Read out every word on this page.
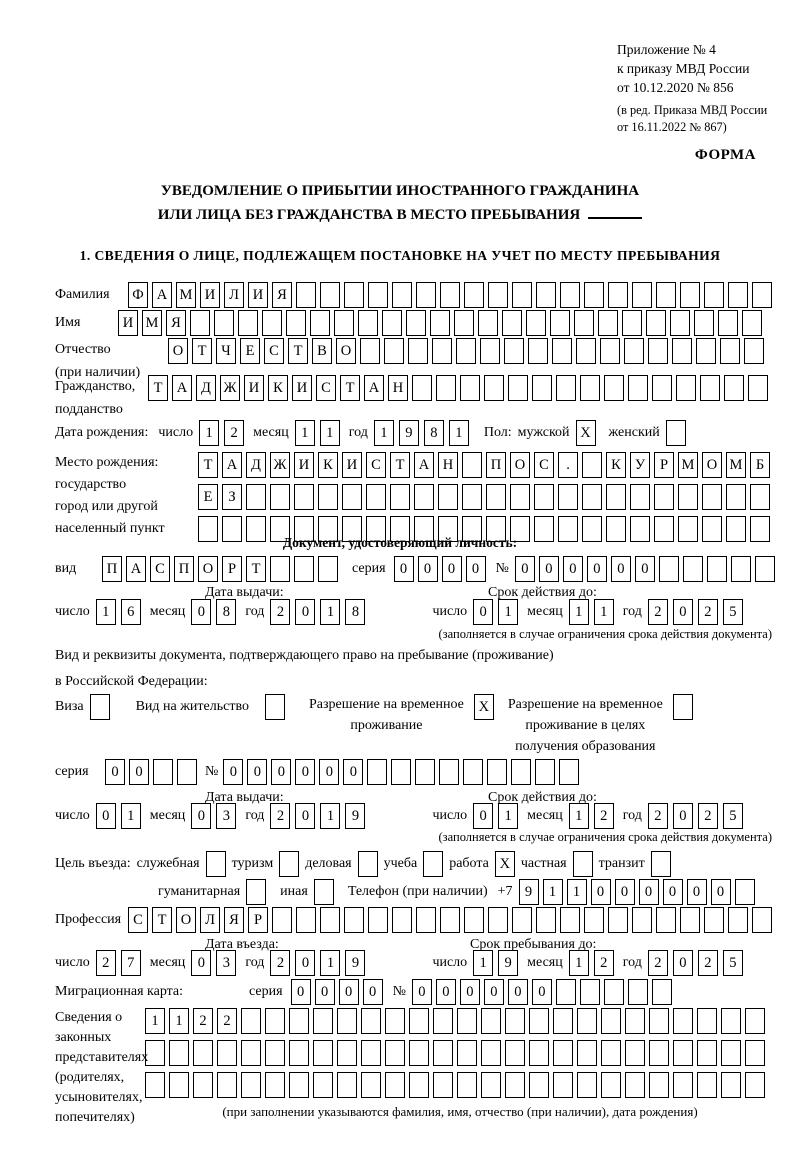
Приложение № 4
к приказу МВД России
от 10.12.2020 № 856
(в ред. Приказа МВД России
от 16.11.2022 № 867)
ФОРМА
УВЕДОМЛЕНИЕ О ПРИБЫТИИ ИНОСТРАННОГО ГРАЖДАНИНА
ИЛИ ЛИЦА БЕЗ ГРАЖДАНСТВА В МЕСТО ПРЕБЫВАНИЯ
1. СВЕДЕНИЯ О ЛИЦЕ, ПОДЛЕЖАЩЕМ ПОСТАНОВКЕ НА УЧЕТ ПО МЕСТУ ПРЕБЫВАНИЯ
Фамилия	Ф А М И Л И Я
Имя	И М Я
Отчество
(при наличии)
О Т	Ч	Е	С	Т	В О
Гражданство,
подданство
Т А Д Ж И К И С	Т А Н
Дата рождения: число 1	2	месяц 1	1	год 1	9	8	1	Пол: мужской X	женский
Место рождения:
государство
город или другой
населенный пункт
Т А Д Ж И К И С	Т А Н	П О С	.	К У	Р М О М Б
Е	З
Документ, удостоверяющий личность:
вид	П А С П О	Р	Т	серия 0	0	0	0	№ 0	0	0	0	0	0
Дата выдачи:	Срок действия до:
число 1	6	месяц 0	8	год 2	0	1	8	число 0	1	месяц 1	1	год 2	0	2	5
(заполняется в случае ограничения срока действия документа)
Вид и реквизиты документа, подтверждающего право на пребывание (проживание)
в Российской Федерации:
Виза	Вид на жительство	Разрешение на временное
проживание
X	Разрешение на временное
проживание в целях
получения образования
серия	0	0	№ 0	0	0	0	0	0
Дата выдачи:	Срок действия до:
число 0	1	месяц 0	3	год 2	0	1	9	число 0	1	месяц 1	2	год 2	0	2	5
(заполняется в случае ограничения срока действия документа)
Цель въезда: служебная туризм деловая учеба работа X частная транзит
гуманитарная	иная	Телефон (при наличии) +7 9	1	1	0	0	0	0	0	0
Профессия С	Т О Л Я	Р
Дата въезда:	Срок пребывания до:
число 2	7	месяц 0	3	год 2	0	1	9	число 1	9	месяц 1	2	год 2	0	2	5
Миграционная карта:	серия 0	0	0	0	№ 0	0	0	0	0	0
Сведения о
законных
представителях
(родителях,
усыновителях,
попечителях)
1	1	2	2
(при заполнении указываются фамилия, имя, отчество (при наличии), дата рождения)
